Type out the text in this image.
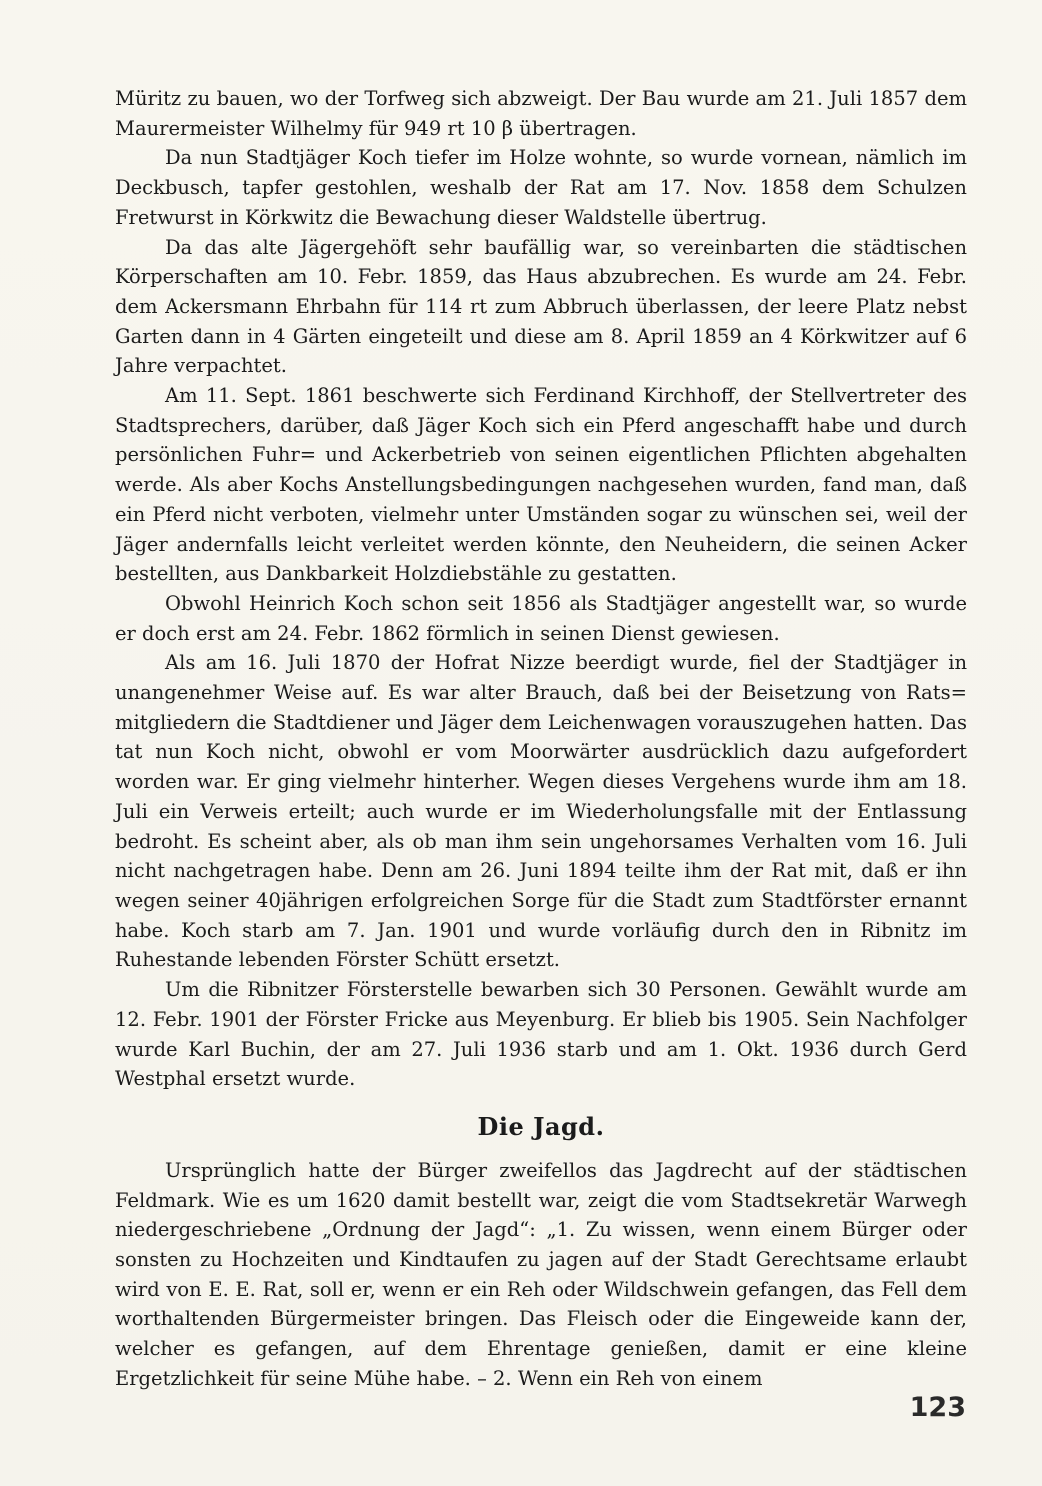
Müritz zu bauen, wo der Torfweg sich abzweigt. Der Bau wurde am 21. Juli 1857 dem Maurermeister Wilhelmy für 949 rt 10 β übertragen.

Da nun Stadtjäger Koch tiefer im Holze wohnte, so wurde vornean, nämlich im Deckbusch, tapfer gestohlen, weshalb der Rat am 17. Nov. 1858 dem Schulzen Fretwurst in Körkwitz die Bewachung dieser Waldstelle übertrug.

Da das alte Jägergehöft sehr baufällig war, so vereinbarten die städtischen Körperschaften am 10. Febr. 1859, das Haus abzubrechen. Es wurde am 24. Febr. dem Ackersmann Ehrbahn für 114 rt zum Abbruch überlassen, der leere Platz nebst Garten dann in 4 Gärten eingeteilt und diese am 8. April 1859 an 4 Körkwitzer auf 6 Jahre verpachtet.

Am 11. Sept. 1861 beschwerte sich Ferdinand Kirchhoff, der Stellvertreter des Stadtsprechers, darüber, daß Jäger Koch sich ein Pferd angeschafft habe und durch persönlichen Fuhr= und Ackerbetrieb von seinen eigentlichen Pflichten abgehalten werde. Als aber Kochs Anstellungsbedingungen nachgesehen wurden, fand man, daß ein Pferd nicht verboten, vielmehr unter Umständen sogar zu wünschen sei, weil der Jäger andernfalls leicht verleitet werden könnte, den Neuheidern, die seinen Acker bestellten, aus Dankbarkeit Holzdiebstähle zu gestatten.

Obwohl Heinrich Koch schon seit 1856 als Stadtjäger angestellt war, so wurde er doch erst am 24. Febr. 1862 förmlich in seinen Dienst gewiesen.

Als am 16. Juli 1870 der Hofrat Nizze beerdigt wurde, fiel der Stadtjäger in unangenehmer Weise auf. Es war alter Brauch, daß bei der Beisetzung von Rats= mitgliedern die Stadtdiener und Jäger dem Leichenwagen vorauszugehen hatten. Das tat nun Koch nicht, obwohl er vom Moorwärter ausdrücklich dazu aufgefordert worden war. Er ging vielmehr hinterher. Wegen dieses Vergehens wurde ihm am 18. Juli ein Verweis erteilt; auch wurde er im Wiederholungsfalle mit der Entlassung bedroht. Es scheint aber, als ob man ihm sein ungehorsames Verhalten vom 16. Juli nicht nachgetragen habe. Denn am 26. Juni 1894 teilte ihm der Rat mit, daß er ihn wegen seiner 40jährigen erfolgreichen Sorge für die Stadt zum Stadtförster ernannt habe. Koch starb am 7. Jan. 1901 und wurde vorläufig durch den in Ribnitz im Ruhestande lebenden Förster Schütt ersetzt.

Um die Ribnitzer Försterstelle bewarben sich 30 Personen. Gewählt wurde am 12. Febr. 1901 der Förster Fricke aus Meyenburg. Er blieb bis 1905. Sein Nachfolger wurde Karl Buchin, der am 27. Juli 1936 starb und am 1. Okt. 1936 durch Gerd Westphal ersetzt wurde.

Die Jagd.

Ursprünglich hatte der Bürger zweifellos das Jagdrecht auf der städtischen Feldmark. Wie es um 1620 damit bestellt war, zeigt die vom Stadtsekretär Warwegh niedergeschriebene „Ordnung der Jagd“: „1. Zu wissen, wenn einem Bürger oder sonsten zu Hochzeiten und Kindtaufen zu jagen auf der Stadt Gerechtsame erlaubt wird von E. E. Rat, soll er, wenn er ein Reh oder Wildschwein gefangen, das Fell dem worthaltenden Bürgermeister bringen. Das Fleisch oder die Eingeweide kann der, welcher es gefangen, auf dem Ehrentage genießen, damit er eine kleine Ergetzlichkeit für seine Mühe habe. – 2. Wenn ein Reh von einem

123
